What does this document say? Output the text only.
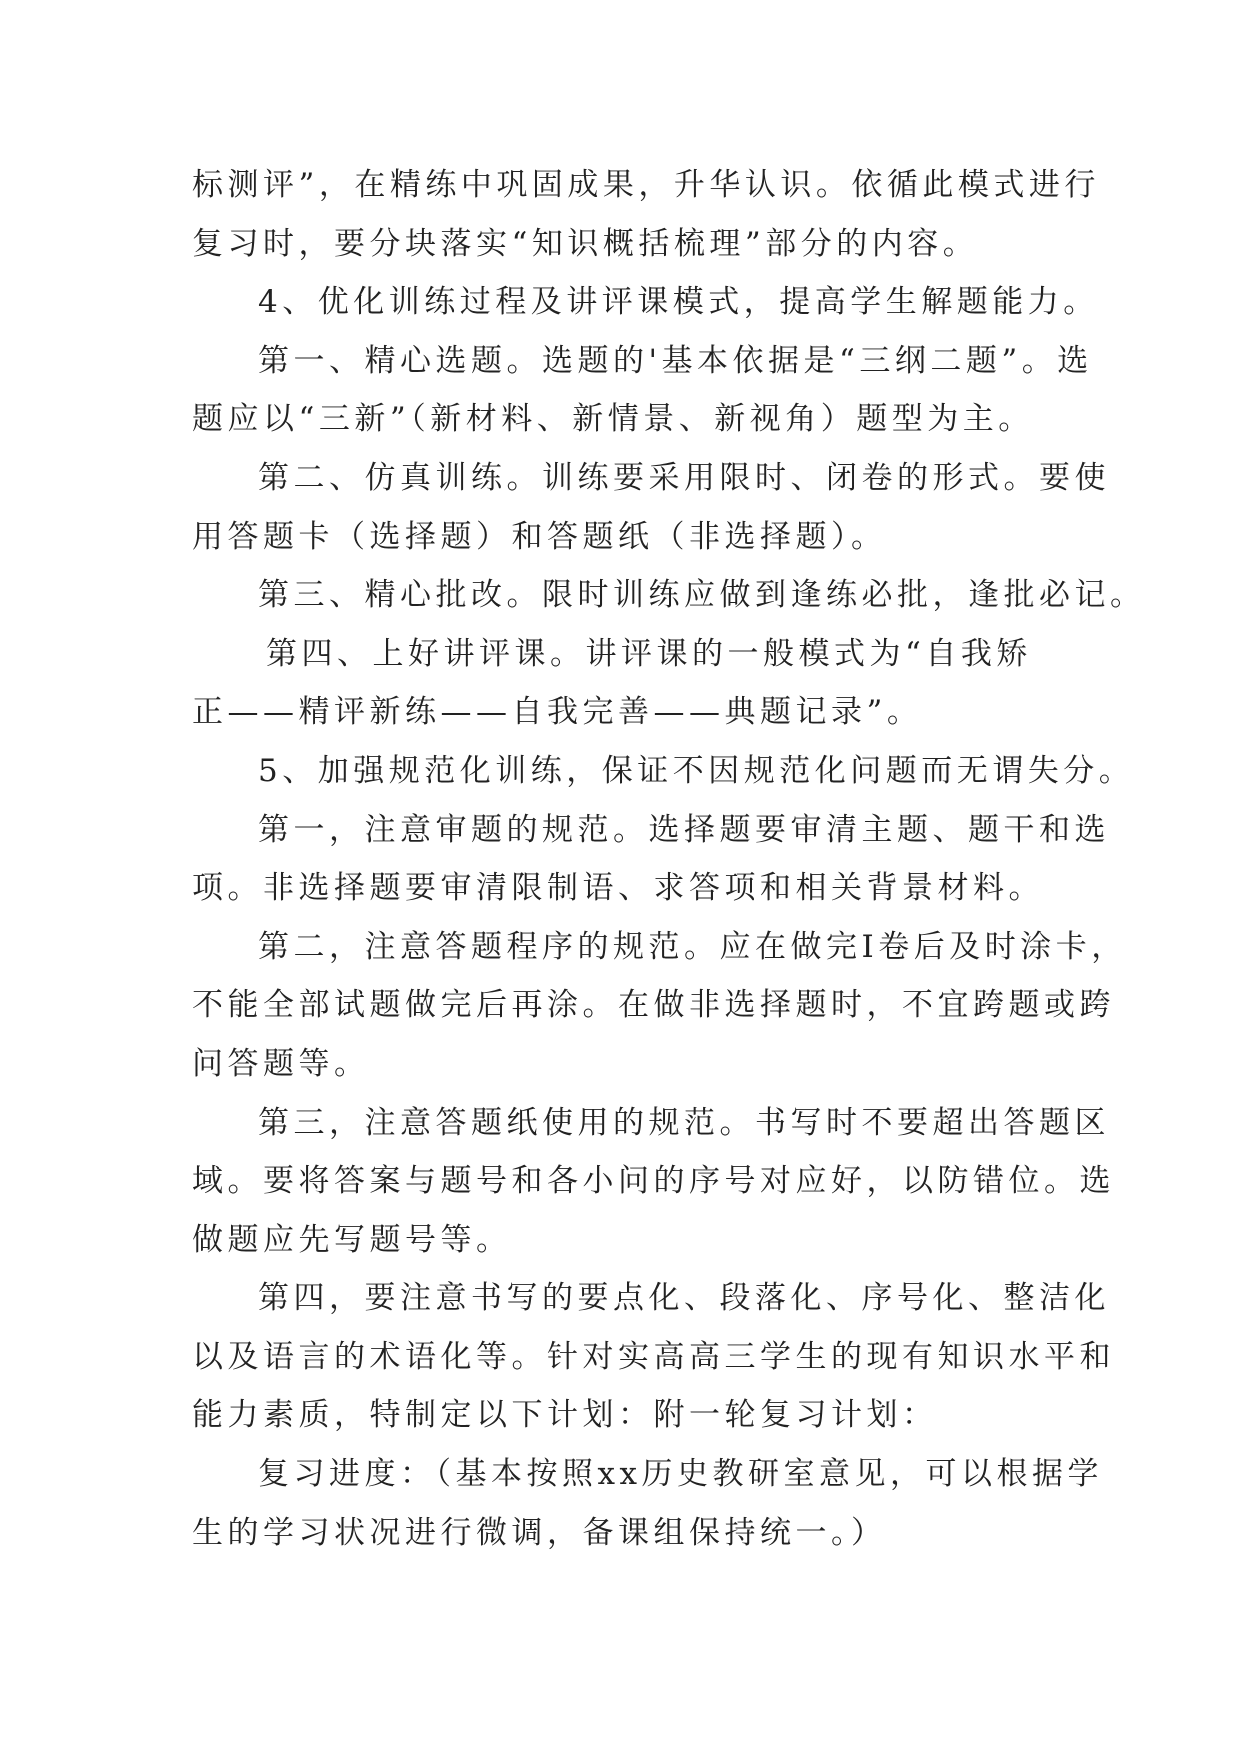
标测评”，在精练中巩固成果，升华认识。依循此模式进行
复习时，要分块落实“知识概括梳理”部分的内容。
4、优化训练过程及讲评课模式，提高学生解题能力。
第一、精心选题。选题的'基本依据是“三纲二题”。选
题应以“三新”（新材料、新情景、新视角）题型为主。
第二、仿真训练。训练要采用限时、闭卷的形式。要使
用答题卡（选择题）和答题纸（非选择题）。
第三、精心批改。限时训练应做到逢练必批，逢批必记。
第四、上好讲评课。讲评课的一般模式为“自我矫
正——精评新练——自我完善——典题记录”。
5、加强规范化训练，保证不因规范化问题而无谓失分。
第一，注意审题的规范。选择题要审清主题、题干和选
项。非选择题要审清限制语、求答项和相关背景材料。
第二，注意答题程序的规范。应在做完Ⅰ卷后及时涂卡，
不能全部试题做完后再涂。在做非选择题时，不宜跨题或跨
问答题等。
第三，注意答题纸使用的规范。书写时不要超出答题区
域。要将答案与题号和各小问的序号对应好，以防错位。选
做题应先写题号等。
第四，要注意书写的要点化、段落化、序号化、整洁化
以及语言的术语化等。针对实高高三学生的现有知识水平和
能力素质，特制定以下计划：附一轮复习计划：
复习进度：（基本按照xx历史教研室意见，可以根据学
生的学习状况进行微调，备课组保持统一。）
